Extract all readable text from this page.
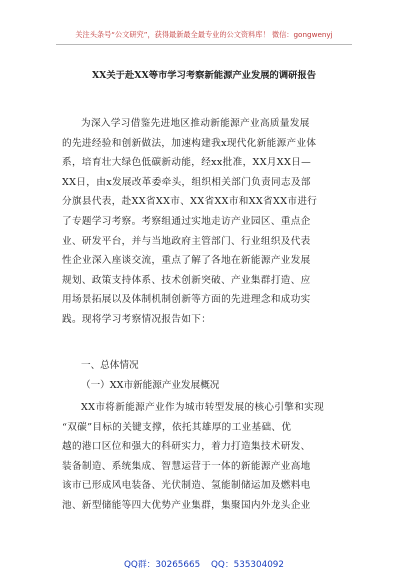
关注头条号“公文研究”，获得最新最全最专业的公文资料库！ 微信：gongwenyj
XX关于赴XX等市学习考察新能源产业发展的调研报告
为深入学习借鉴先进地区推动新能源产业高质量发展
的先进经验和创新做法，加速构建我x现代化新能源产业体
系，培育壮大绿色低碳新动能，经xx批准，XX月XX日—
XX日，由x发展改革委牵头，组织相关部门负责同志及部
分旗县代表，赴XX省XX市、XX省XX市和XX省XX市进行
了专题学习考察。考察组通过实地走访产业园区、重点企
业、研发平台，并与当地政府主管部门、行业组织及代表
性企业深入座谈交流，重点了解了各地在新能源产业发展
规划、政策支持体系、技术创新突破、产业集群打造、应
用场景拓展以及体制机制创新等方面的先进理念和成功实
践。现将学习考察情况报告如下：
一、总体情况
（一）XX市新能源产业发展概况
XX市将新能源产业作为城市转型发展的核心引擎和实现
“双碳”目标的关键支撑，依托其雄厚的工业基础、优
越的港口区位和强大的科研实力，着力打造集技术研发、
装备制造、系统集成、智慧运营于一体的新能源产业高地
该市已形成风电装备、光伏制造、氢能制储运加及燃料电
池、新型储能等四大优势产业集群，集聚国内外龙头企业
QQ群：30265665 QQ：535304092
